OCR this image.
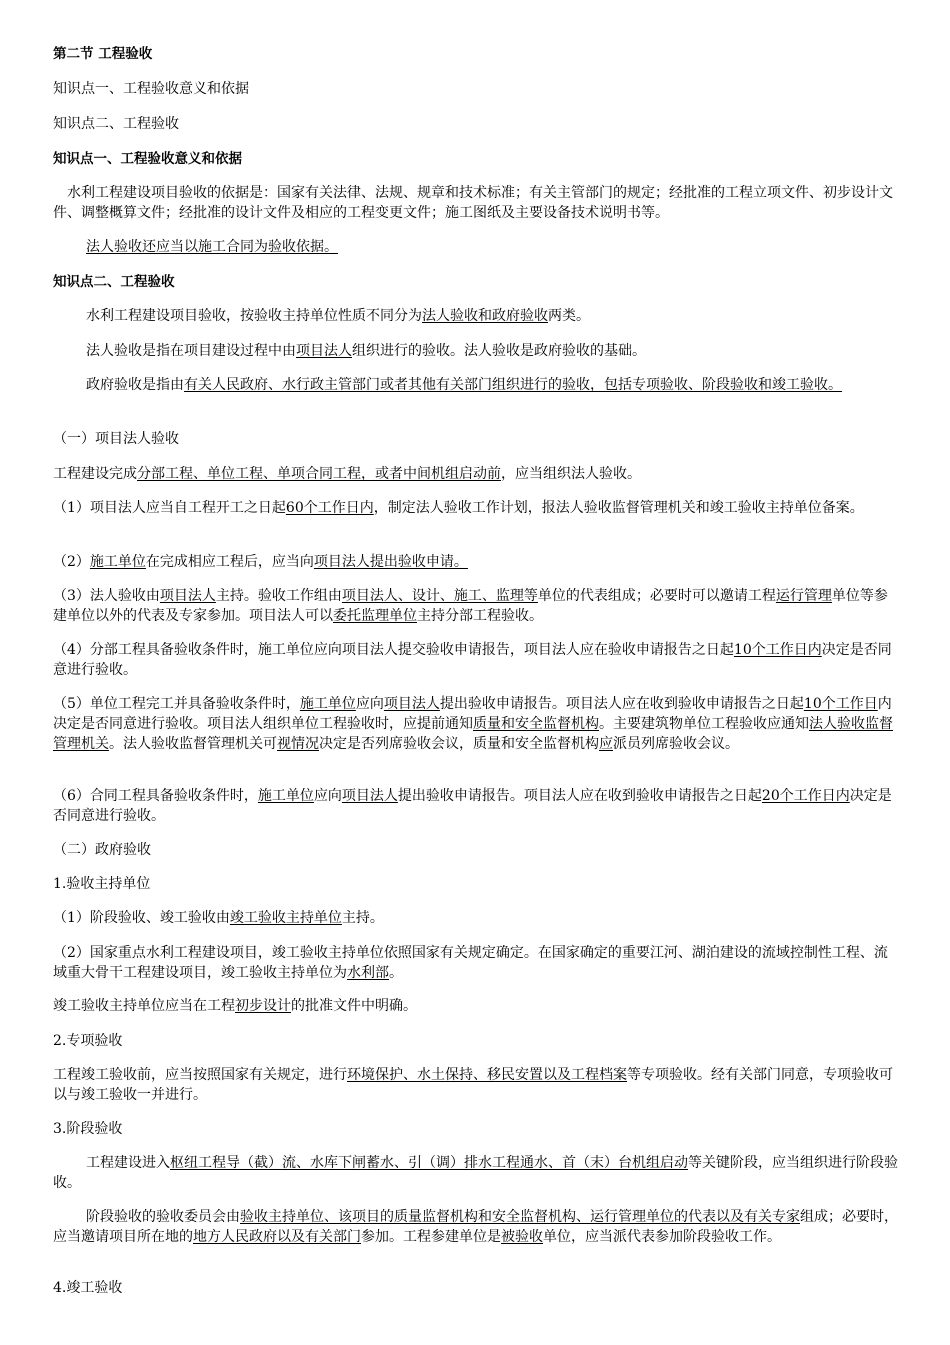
第二节 工程验收

知识点一、工程验收意义和依据

知识点二、工程验收

知识点一、工程验收意义和依据

水利工程建设项目验收的依据是：国家有关法律、法规、规章和技术标准；有关主管部门的规定；经批准的工程立项文件、初步设计文件、调整概算文件；经批准的设计文件及相应的工程变更文件；施工图纸及主要设备技术说明书等。

法人验收还应当以施工合同为验收依据。

知识点二、工程验收

水利工程建设项目验收，按验收主持单位性质不同分为法人验收和政府验收两类。

法人验收是指在项目建设过程中由项目法人组织进行的验收。法人验收是政府验收的基础。

政府验收是指由有关人民政府、水行政主管部门或者其他有关部门组织进行的验收，包括专项验收、阶段验收和竣工验收。

（一）项目法人验收

工程建设完成分部工程、单位工程、单项合同工程，或者中间机组启动前，应当组织法人验收。

（1）项目法人应当自工程开工之日起60个工作日内，制定法人验收工作计划，报法人验收监督管理机关和竣工验收主持单位备案。

（2）施工单位在完成相应工程后，应当向项目法人提出验收申请。

（3）法人验收由项目法人主持。验收工作组由项目法人、设计、施工、监理等单位的代表组成；必要时可以邀请工程运行管理单位等参建单位以外的代表及专家参加。项目法人可以委托监理单位主持分部工程验收。

（4）分部工程具备验收条件时，施工单位应向项目法人提交验收申请报告，项目法人应在验收申请报告之日起10个工作日内决定是否同意进行验收。

（5）单位工程完工并具备验收条件时，施工单位应向项目法人提出验收申请报告。项目法人应在收到验收申请报告之日起10个工作日内决定是否同意进行验收。项目法人组织单位工程验收时，应提前通知质量和安全监督机构。主要建筑物单位工程验收应通知法人验收监督管理机关。法人验收监督管理机关可视情况决定是否列席验收会议，质量和安全监督机构应派员列席验收会议。

（6）合同工程具备验收条件时，施工单位应向项目法人提出验收申请报告。项目法人应在收到验收申请报告之日起20个工作日内决定是否同意进行验收。

（二）政府验收

1.验收主持单位

（1）阶段验收、竣工验收由竣工验收主持单位主持。

（2）国家重点水利工程建设项目，竣工验收主持单位依照国家有关规定确定。在国家确定的重要江河、湖泊建设的流域控制性工程、流域重大骨干工程建设项目，竣工验收主持单位为水利部。

竣工验收主持单位应当在工程初步设计的批准文件中明确。

2.专项验收

工程竣工验收前，应当按照国家有关规定，进行环境保护、水土保持、移民安置以及工程档案等专项验收。经有关部门同意，专项验收可以与竣工验收一并进行。

3.阶段验收

工程建设进入枢纽工程导（截）流、水库下闸蓄水、引（调）排水工程通水、首（末）台机组启动等关键阶段，应当组织进行阶段验收。

阶段验收的验收委员会由验收主持单位、该项目的质量监督机构和安全监督机构、运行管理单位的代表以及有关专家组成；必要时，应当邀请项目所在地的地方人民政府以及有关部门参加。工程参建单位是被验收单位，应当派代表参加阶段验收工作。

4.竣工验收
